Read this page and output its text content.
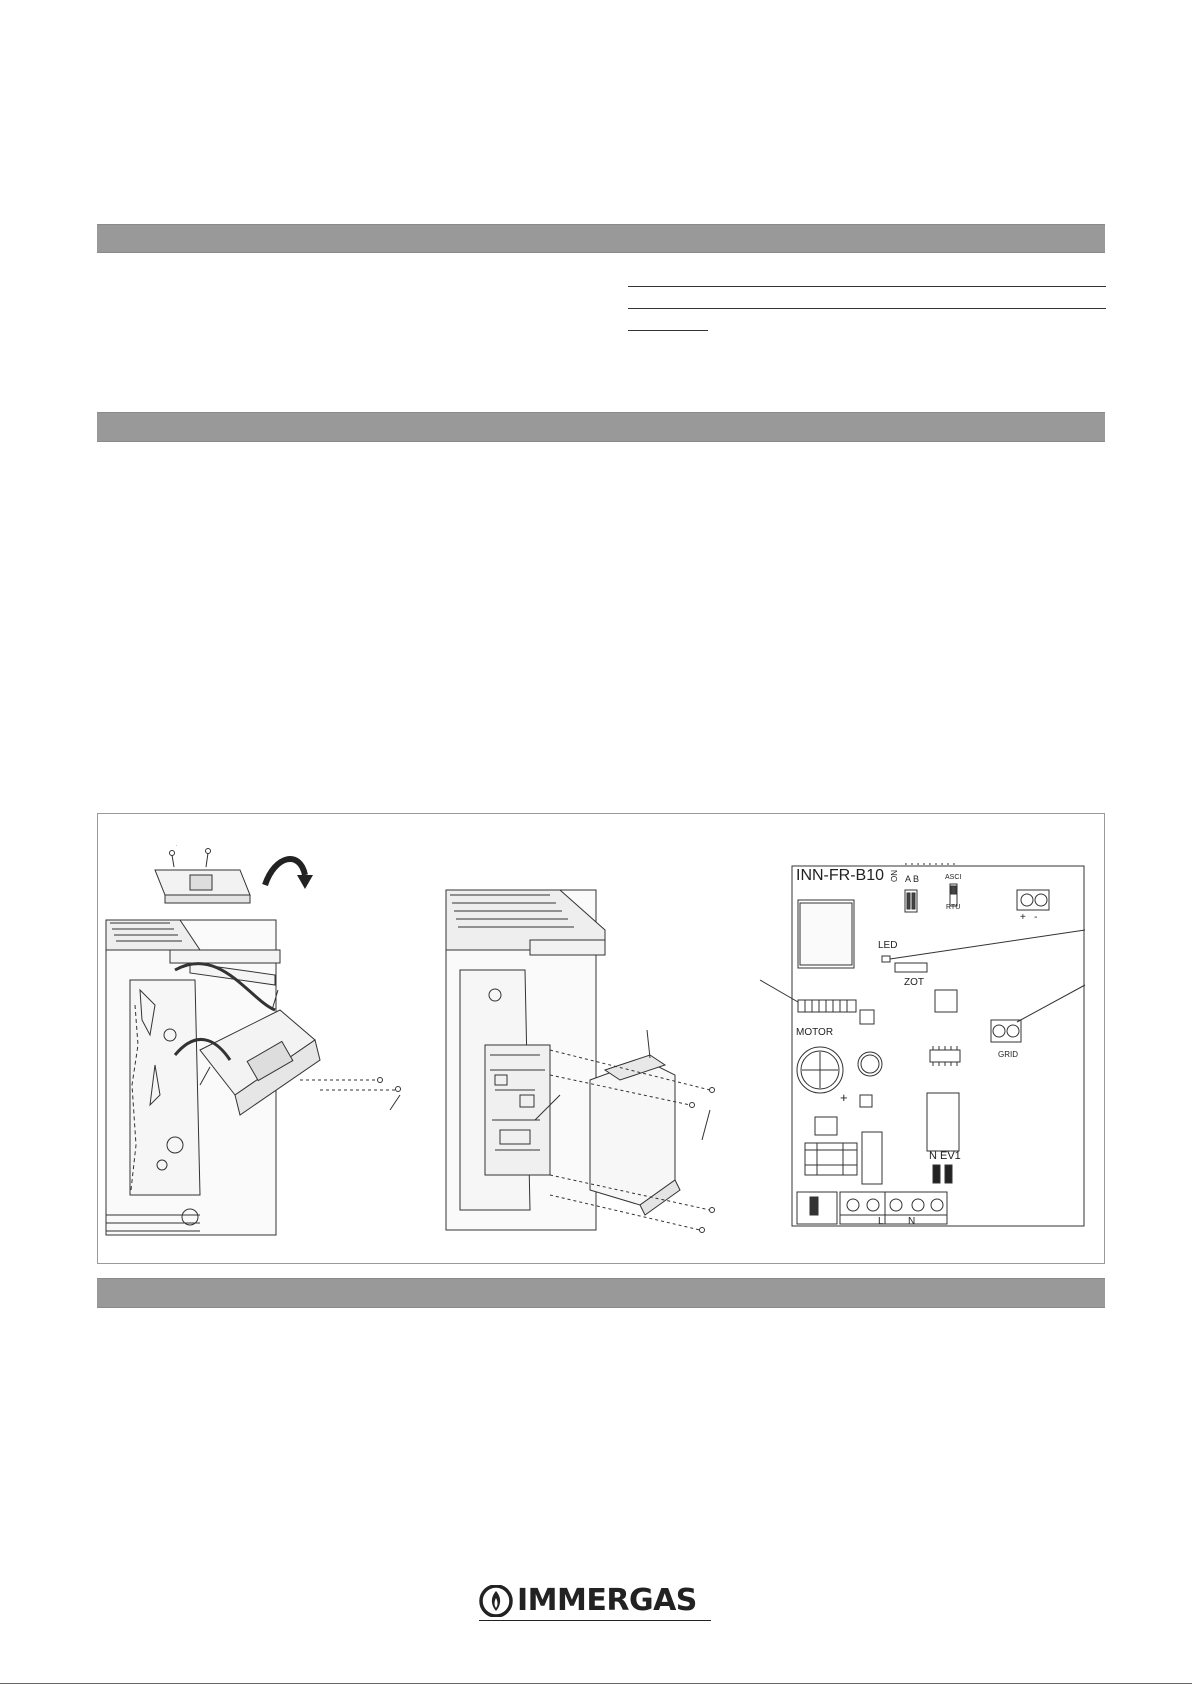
INN-FR-B10 ON A B	ASCI
RTU
+   -
LED
ZOT
MOTOR
GRID
+
N EV1
L N
IMMERGAS
